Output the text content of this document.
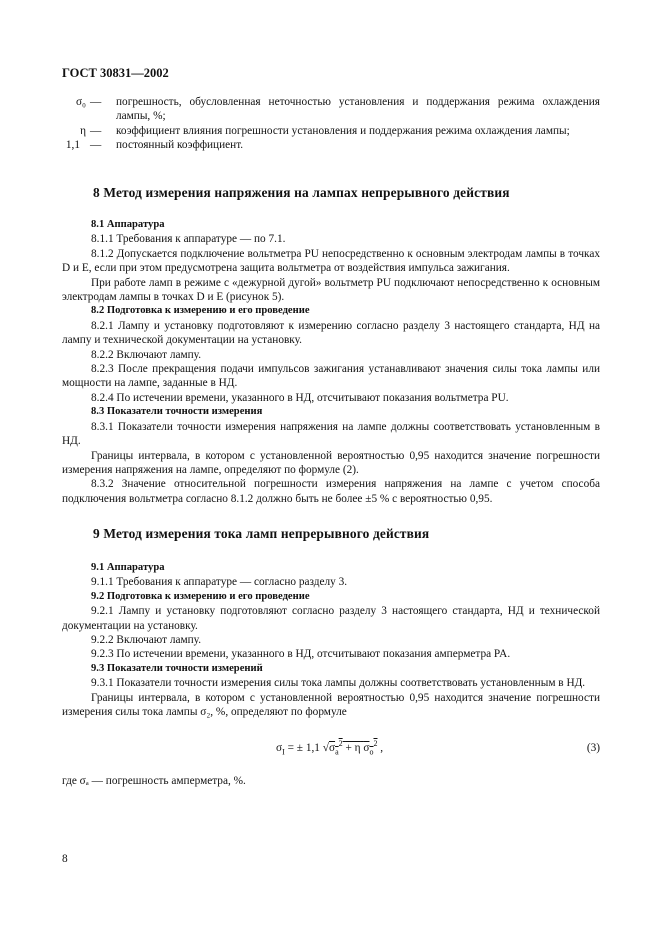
ГОСТ 30831—2002

σ₀ — погрешность, обусловленная неточностью установления и поддержания режима охлаждения лампы, %;

η — коэффициент влияния погрешности установления и поддержания режима охлаждения лампы;

1,1 — постоянный коэффициент.

8 Метод измерения напряжения на лампах непрерывного действия

8.1 Аппаратура

8.1.1 Требования к аппаратуре — по 7.1.

8.1.2 Допускается подключение вольтметра PU непосредственно к основным электродам лампы в точках D и E, если при этом предусмотрена защита вольтметра от воздействия импульса зажигания.

При работе ламп в режиме с «дежурной дугой» вольтметр PU подключают непосредственно к основным электродам лампы в точках D и E (рисунок 5).

8.2 Подготовка к измерению и его проведение

8.2.1 Лампу и установку подготовляют к измерению согласно разделу 3 настоящего стандарта, НД на лампу и технической документации на установку.

8.2.2 Включают лампу.

8.2.3 После прекращения подачи импульсов зажигания устанавливают значения силы тока лампы или мощности на лампе, заданные в НД.

8.2.4 По истечении времени, указанного в НД, отсчитывают показания вольтметра PU.

8.3 Показатели точности измерения

8.3.1 Показатели точности измерения напряжения на лампе должны соответствовать установленным в НД.

Границы интервала, в котором с установленной вероятностью 0,95 находится значение погрешности измерения напряжения на лампе, определяют по формуле (2).

8.3.2 Значение относительной погрешности измерения напряжения на лампе с учетом способа подключения вольтметра согласно 8.1.2 должно быть не более ±5 % с вероятностью 0,95.

9 Метод измерения тока ламп непрерывного действия

9.1 Аппаратура

9.1.1 Требования к аппаратуре — согласно разделу 3.

9.2 Подготовка к измерению и его проведение

9.2.1 Лампу и установку подготовляют согласно разделу 3 настоящего стандарта, НД и технической документации на установку.

9.2.2 Включают лампу.

9.2.3 По истечении времени, указанного в НД, отсчитывают показания амперметра PA.

9.3 Показатели точности измерений

9.3.1 Показатели точности измерения силы тока лампы должны соответствовать установленным в НД.

Границы интервала, в котором с установленной вероятностью 0,95 находится значение погрешности измерения силы тока лампы σ₂, %, определяют по формуле

$\sigma_I$ = ± 1,1 $√\sigma_a^2 + \eta$ $\sigma_o^2$ ,	(3)
где σₐ — погрешность амперметра, %.
8
